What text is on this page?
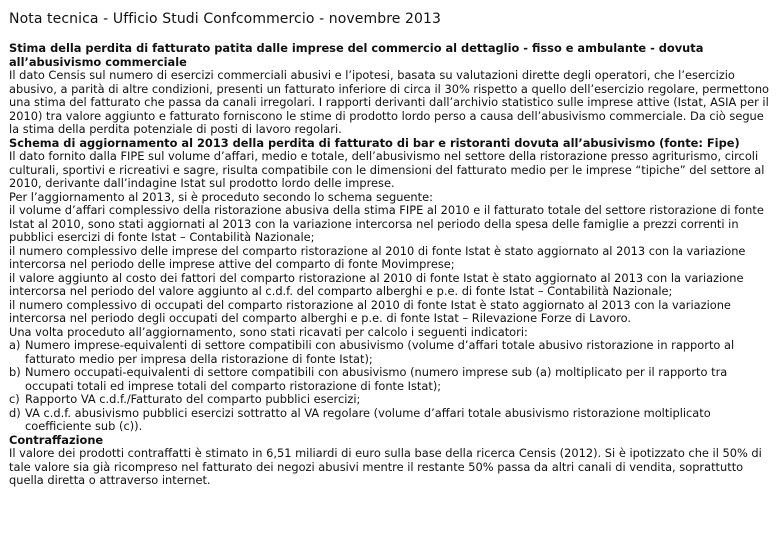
Nota tecnica - Ufficio Studi Confcommercio - novembre 2013
Stima della perdita di fatturato patita dalle imprese del commercio al dettaglio - fisso e ambulante - dovuta all’abusivismo commerciale

Il dato Censis sul numero di esercizi commerciali abusivi e l’ipotesi, basata su valutazioni dirette degli operatori, che l’esercizio abusivo, a parità di altre condizioni, presenti un fatturato inferiore di circa il 30% rispetto a quello dell’esercizio regolare, permettono una stima del fatturato che passa da canali irregolari. I rapporti derivanti dall’archivio statistico sulle imprese attive (Istat, ASIA per il 2010) tra valore aggiunto e fatturato forniscono le stime di prodotto lordo perso a causa dell’abusivismo commerciale. Da ciò segue la stima della perdita potenziale di posti di lavoro regolari.

Schema di aggiornamento al 2013 della perdita di fatturato di bar e ristoranti dovuta all’abusivismo (fonte: Fipe)

Il dato fornito dalla FIPE sul volume d’affari, medio e totale, dell’abusivismo nel settore della ristorazione presso agriturismo, circoli culturali, sportivi e ricreativi e sagre, risulta compatibile con le dimensioni del fatturato medio per le imprese “tipiche” del settore al 2010, derivante dall’indagine Istat sul prodotto lordo delle imprese.

Per l’aggiornamento al 2013, si è proceduto secondo lo schema seguente:

il volume d’affari complessivo della ristorazione abusiva della stima FIPE al 2010 e il fatturato totale del settore ristorazione di fonte Istat al 2010, sono stati aggiornati al 2013 con la variazione intercorsa nel periodo della spesa delle famiglie a prezzi correnti in pubblici esercizi di fonte Istat – Contabilità Nazionale;

il numero complessivo delle imprese del comparto ristorazione al 2010 di fonte Istat è stato aggiornato al 2013 con la variazione intercorsa nel periodo delle imprese attive del comparto di fonte Movimprese;

il valore aggiunto al costo dei fattori del comparto ristorazione al 2010 di fonte Istat è stato aggiornato al 2013 con la variazione intercorsa nel periodo del valore aggiunto al c.d.f. del comparto alberghi e p.e. di fonte Istat – Contabilità Nazionale;

il numero complessivo di occupati del comparto ristorazione al 2010 di fonte Istat è stato aggiornato al 2013 con la variazione intercorsa nel periodo degli occupati del comparto alberghi e p.e. di fonte Istat – Rilevazione Forze di Lavoro.

Una volta proceduto all’aggiornamento, sono stati ricavati per calcolo i seguenti indicatori:

a) Numero imprese-equivalenti di settore compatibili con abusivismo (volume d’affari totale abusivo ristorazione in rapporto al fatturato medio per impresa della ristorazione di fonte Istat);
b) Numero occupati-equivalenti di settore compatibili con abusivismo (numero imprese sub (a) moltiplicato per il rapporto tra occupati totali ed imprese totali del comparto ristorazione di fonte Istat);
c) Rapporto VA c.d.f./Fatturato del comparto pubblici esercizi;
d) VA c.d.f. abusivismo pubblici esercizi sottratto al VA regolare (volume d’affari totale abusivismo ristorazione moltiplicato coefficiente sub (c)).
Contraffazione

Il valore dei prodotti contraffatti è stimato in 6,51 miliardi di euro sulla base della ricerca Censis (2012). Si è ipotizzato che il 50% di tale valore sia già ricompreso nel fatturato dei negozi abusivi mentre il restante 50% passa da altri canali di vendita, soprattutto quella diretta o attraverso internet.
